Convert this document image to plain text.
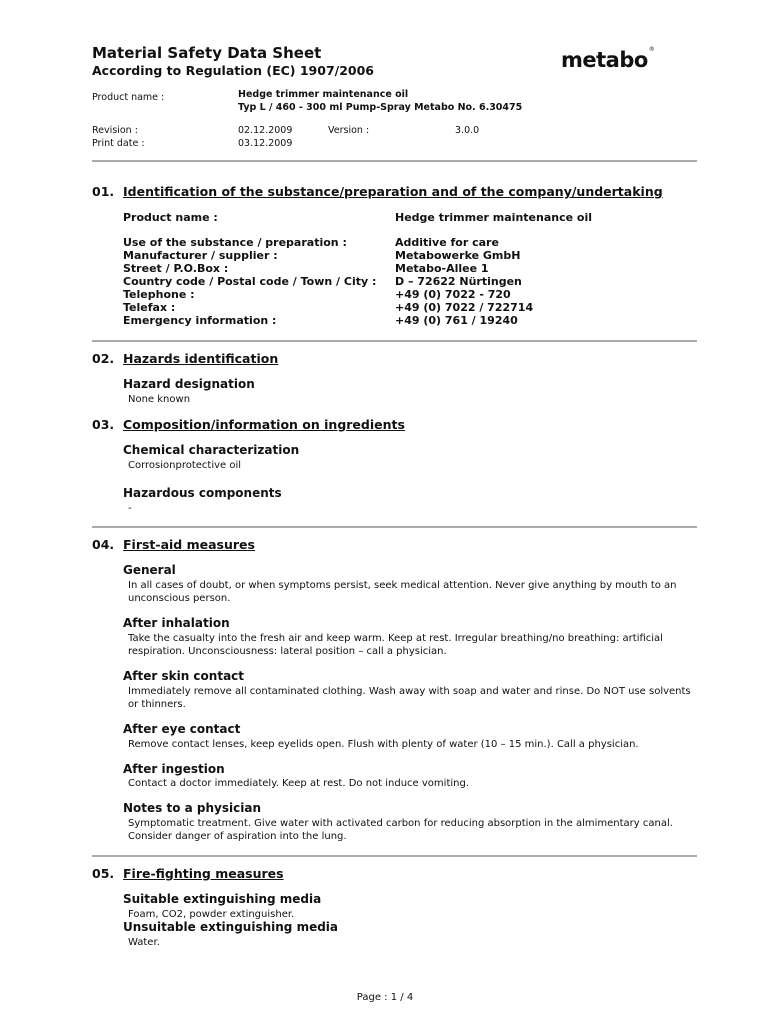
Material Safety Data Sheet
According to Regulation (EC) 1907/2006	metabo®
Product name :	Hedge trimmer maintenance oil
Typ L / 460 - 300 ml Pump-Spray Metabo No. 6.30475
Revision :	02.12.2009	Version :	3.0.0
Print date :	03.12.2009
01. Identification of the substance/preparation and of the company/undertaking
Product name :	Hedge trimmer maintenance oil
Use of the substance / preparation :	Additive for care
Manufacturer / supplier :	Metabowerke GmbH
Street / P.O.Box :	Metabo-Allee 1
Country code / Postal code / Town / City : D – 72622 Nürtingen
Telephone :	+49 (0) 7022 - 720
Telefax :	+49 (0) 7022 / 722714
Emergency information :	+49 (0) 761 / 19240
02. Hazards identification
Hazard designation
None known
03. Composition/information on ingredients
Chemical characterization
Corrosionprotective oil
Hazardous components
-
04. First-aid measures
General
In all cases of doubt, or when symptoms persist, seek medical attention. Never give anything by mouth to an unconscious person.
After inhalation
Take the casualty into the fresh air and keep warm. Keep at rest. Irregular breathing/no breathing: artificial respiration. Unconsciousness: lateral position – call a physician.
After skin contact
Immediately remove all contaminated clothing. Wash away with soap and water and rinse. Do NOT use solvents or thinners.
After eye contact
Remove contact lenses, keep eyelids open. Flush with plenty of water (10 – 15 min.). Call a physician.
After ingestion
Contact a doctor immediately. Keep at rest. Do not induce vomiting.
Notes to a physician
Symptomatic treatment. Give water with activated carbon for reducing absorption in the almimentary canal. Consider danger of aspiration into the lung.
05. Fire-fighting measures
Suitable extinguishing media
Foam, CO2, powder extinguisher.
Unsuitable extinguishing media
Water.
Page : 1 / 4
